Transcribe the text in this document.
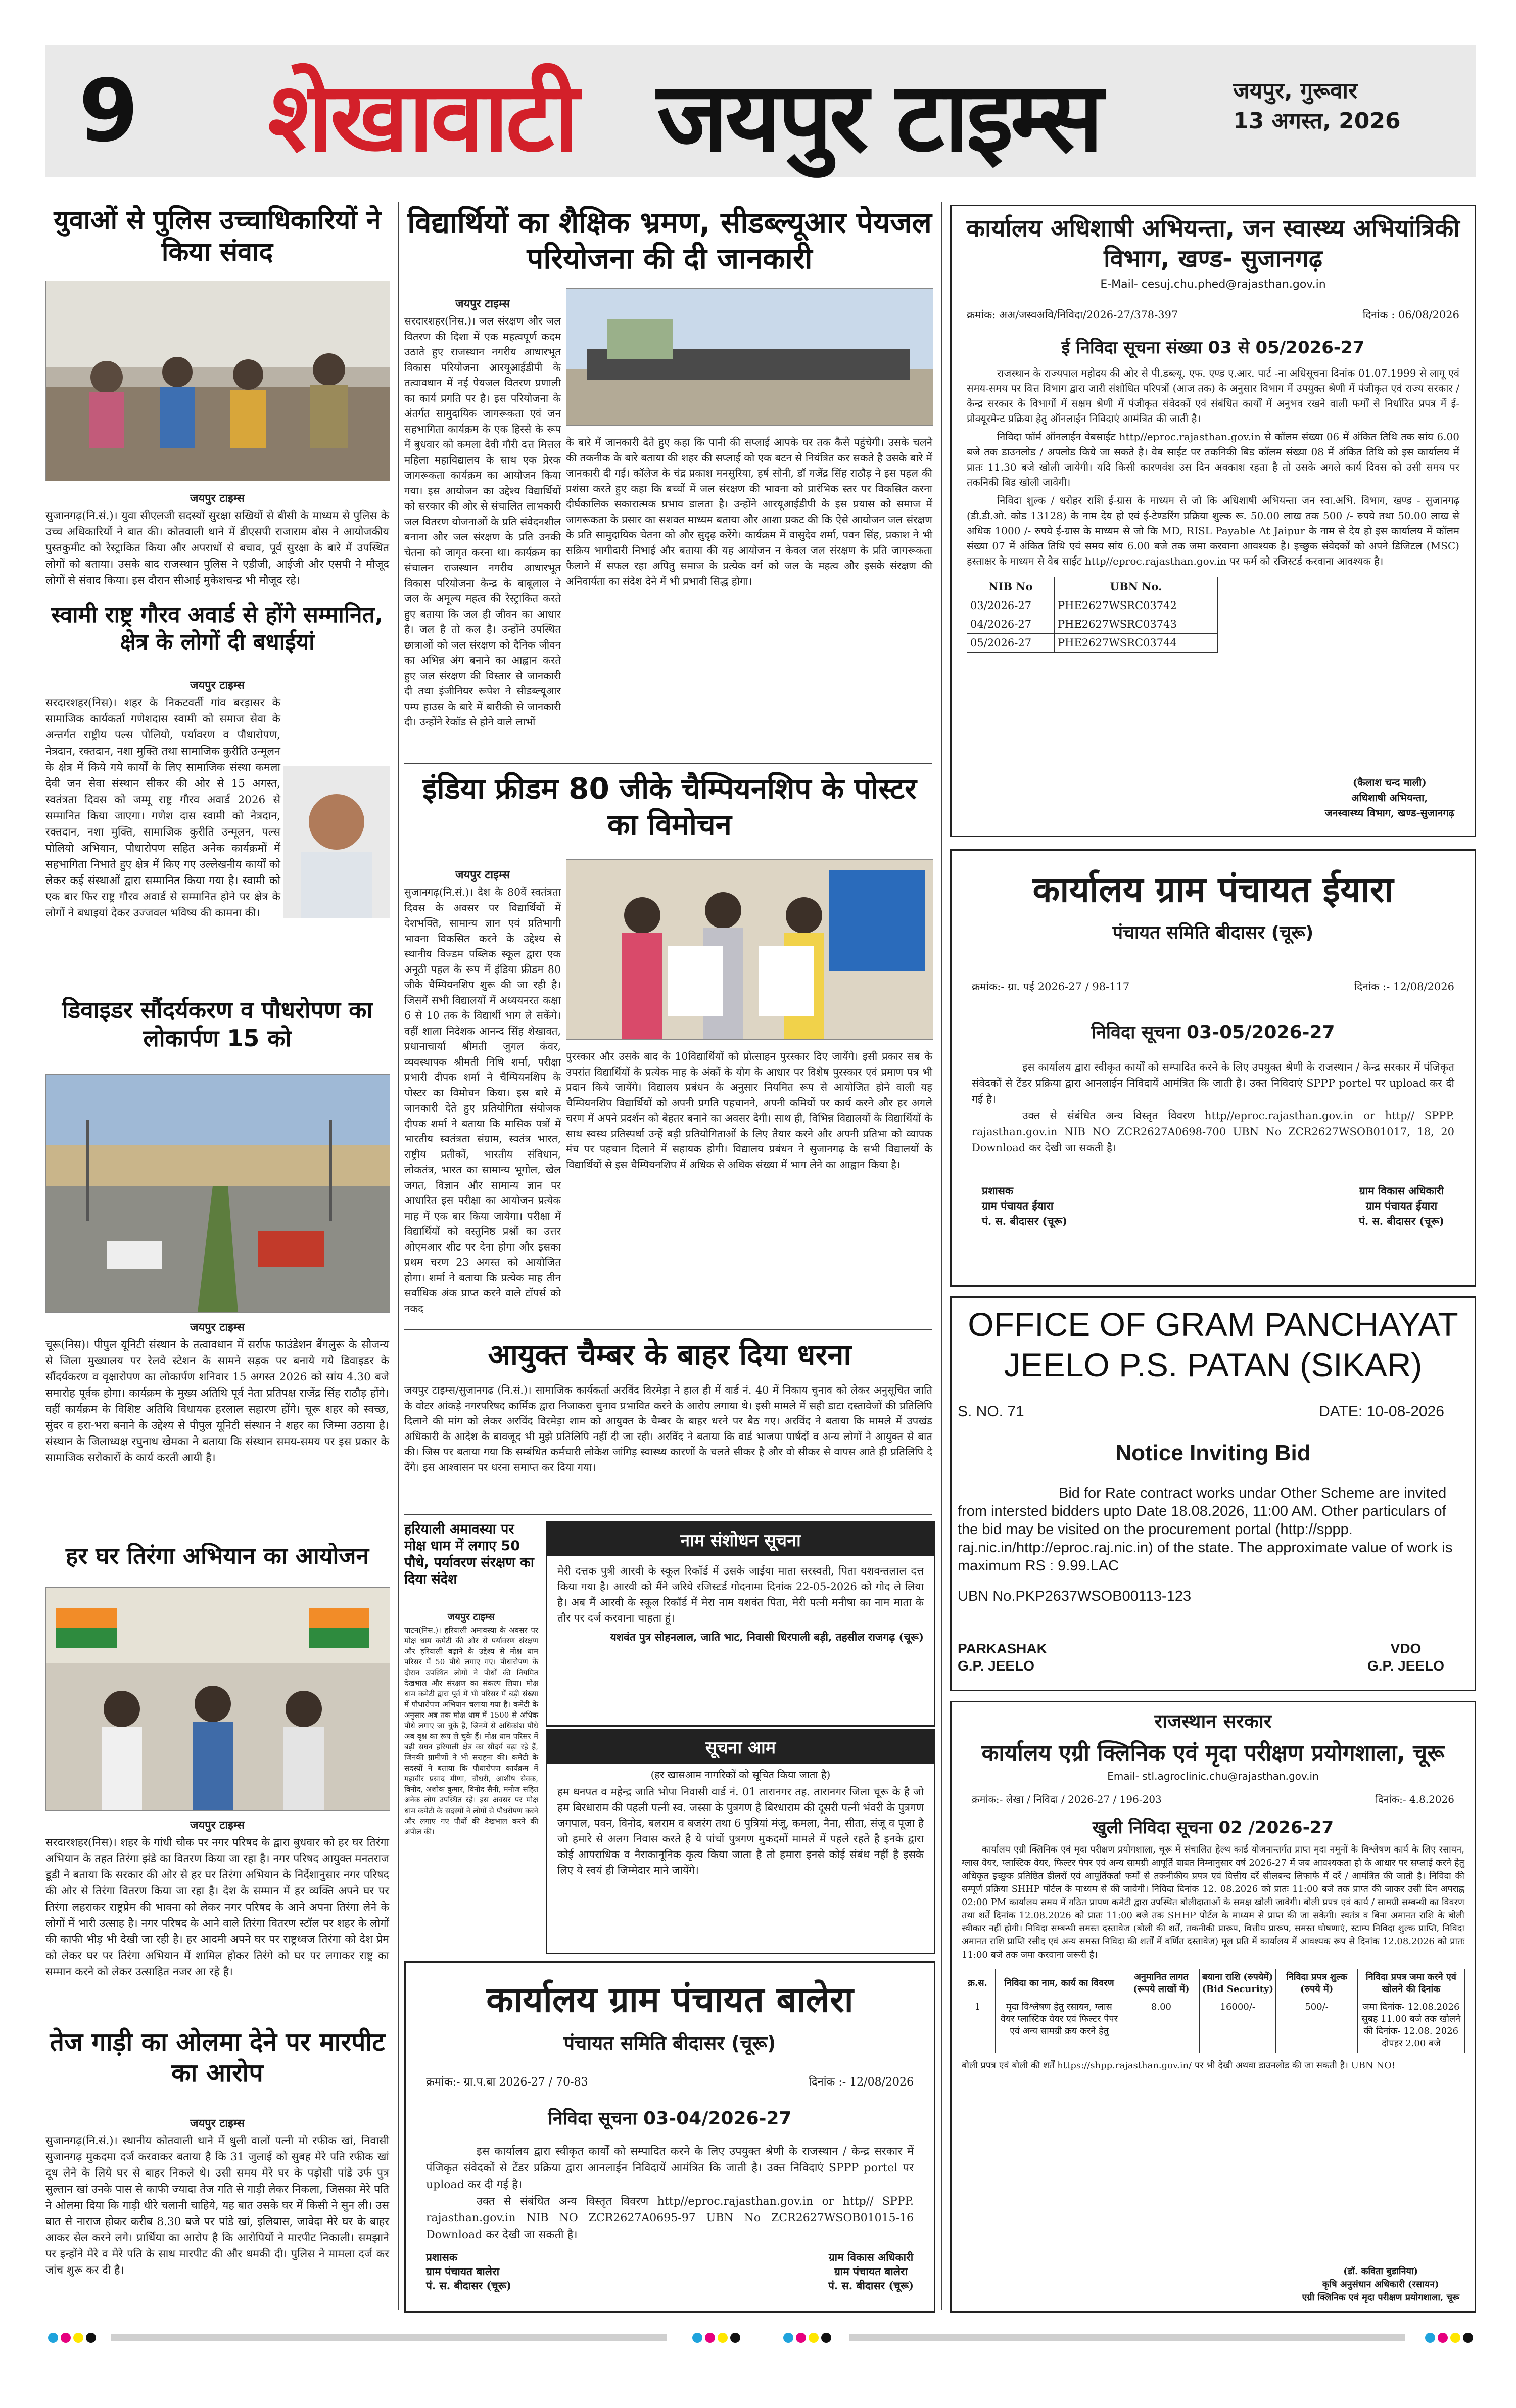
9	शेखावाटी जयपुर टाइम्स	जयपुर, गुरूवार
13 अगस्त, 2026
युवाओं से पुलिस उच्चाधिकारियों ने किया संवाद
जयपुर टाइम्स
सुजानगढ़(नि.सं.)। युवा सीएलजी सदस्यों सुरक्षा सखियों से बीसी के माध्यम से पुलिस के उच्च अधिकारियों ने बात की। कोतवाली थाने में डीएसपी राजाराम बोस ने आयोजकीय पुस्तकुमीट को रेस्ट्राकित किया और अपराधों से बचाव, पूर्व सुरक्षा के बारे में उपस्थित लोगों को बताया। उसके बाद राजस्थान पुलिस ने एडीजी, आईजी और एसपी ने मौजूद लोगों से संवाद किया। इस दौरान सीआई मुकेशचन्द्र भी मौजूद रहे।
स्वामी राष्ट्र गौरव अवार्ड से होंगे सम्मानित, क्षेत्र के लोगों दी बधाईयां
जयपुर टाइम्स
सरदारशहर(निस)। शहर के निकटवर्ती गांव बरड़ासर के सामाजिक कार्यकर्ता गणेशदास स्वामी को समाज सेवा के अन्तर्गत राष्ट्रीय पल्स पोलियो, पर्यावरण व पौधारोपण, नेत्रदान, रक्तदान, नशा मुक्ति तथा सामाजिक कुरीति उन्मूलन के क्षेत्र में किये गये कार्यों के लिए सामाजिक संस्था कमला देवी जन सेवा संस्थान सीकर की ओर से 15 अगस्त, स्वतंत्रता दिवस को जम्मू राष्ट्र गौरव अवार्ड 2026 से सम्मानित किया जाएगा। गणेश दास स्वामी को नेत्रदान, रक्तदान, नशा मुक्ति, सामाजिक कुरीति उन्मूलन, पल्स पोलियो अभियान, पौधारोपण सहित अनेक कार्यक्रमों में सहभागिता निभाते हुए क्षेत्र में किए गए उल्लेखनीय कार्यों को लेकर कई संस्थाओं द्वारा सम्मानित किया गया है। स्वामी को एक बार फिर राष्ट्र गौरव अवार्ड से सम्मानित होने पर क्षेत्र के लोगों ने बधाइयां देकर उज्जवल भविष्य की कामना की।
डिवाइडर सौंदर्यकरण व पौधरोपण का लोकार्पण 15 को
जयपुर टाइम्स
चूरू(निस)। पीपुल यूनिटी संस्थान के तत्वावधान में सर्राफ फाउंडेशन बैंगलुरू के सौजन्य से जिला मुख्यालय पर रेलवे स्टेशन के सामने सड़क पर बनाये गये डिवाइडर के सौंदर्यकरण व वृक्षारोपण का लोकार्पण शनिवार 15 अगस्त 2026 को सांय 4.30 बजे समारोह पूर्वक होगा। कार्यक्रम के मुख्य अतिथि पूर्व नेता प्रतिपक्ष राजेंद्र सिंह राठौड़ होंगे। वहीं कार्यक्रम के विशिष्ट अतिथि विधायक हरलाल सहारण होंगे। चूरू शहर को स्वच्छ, सुंदर व हरा-भरा बनाने के उद्देश्य से पीपुल यूनिटी संस्थान ने शहर का जिम्मा उठाया है। संस्थान के जिलाध्यक्ष रघुनाथ खेमका ने बताया कि संस्थान समय-समय पर इस प्रकार के सामाजिक सरोकारों के कार्य करती आयी है।
हर घर तिरंगा अभियान का आयोजन
जयपुर टाइम्स
सरदारशहर(निस)। शहर के गांधी चौक पर नगर परिषद के द्वारा बुधवार को हर घर तिरंगा अभियान के तहत तिरंगा झंडे का वितरण किया जा रहा है। नगर परिषद आयुक्त मनतराज डूडी ने बताया कि सरकार की ओर से हर घर तिरंगा अभियान के निर्देशानुसार नगर परिषद की ओर से तिरंगा वितरण किया जा रहा है। देश के सम्मान में हर व्यक्ति अपने घर पर तिरंगा लहराकर राष्ट्रप्रेम की भावना को लेकर नगर परिषद के आने अपना तिरंगा लेने के लोगों में भारी उत्साह है। नगर परिषद के आने वाले तिरंगा वितरण स्टॉल पर शहर के लोगों की काफी भीड़ भी देखी जा रही है। हर आदमी अपने घर पर राष्ट्रध्वज तिरंगा को देश प्रेम को लेकर घर पर तिरंगा अभियान में शामिल होकर तिरंगे को घर पर लगाकर राष्ट्र का सम्मान करने को लेकर उत्साहित नजर आ रहे है।
तेज गाड़ी का ओलमा देने पर मारपीट का आरोप
जयपुर टाइम्स
सुजानगढ़(नि.सं.)। स्थानीय कोतवाली थाने में धुली वालों पत्नी मो रफीक खां, निवासी सुजानगढ़ मुकदमा दर्ज करवाकर बताया है कि 31 जुलाई को सुबह मेरे पति रफीक खां दूध लेने के लिये घर से बाहर निकले थे। उसी समय मेरे घर के पड़ोसी पांडे उर्फ पुत्र सुल्तान खां उनके पास से काफी ज्यादा तेज गति से गाड़ी लेकर निकला, जिसका मेरे पति ने ओलमा दिया कि गाड़ी धीरे चलानी चाहिये, यह बात उसके घर में किसी ने सुन ली। उस बात से नाराज होकर करीब 8.30 बजे पर पांडे खां, इलियास, जावेदा मेरे घर के बाहर आकर सेल करने लगे। प्रार्थिया का आरोप है कि आरोपियों ने मारपीट निकाली। समझाने पर इन्होंने मेरे व मेरे पति के साथ मारपीट की और धमकी दी। पुलिस ने मामला दर्ज कर जांच शुरू कर दी है।
विद्यार्थियों का शैक्षिक भ्रमण, सीडब्ल्यूआर पेयजल परियोजना की दी जानकारी
जयपुर टाइम्स
सरदारशहर(निस.)। जल संरक्षण और जल वितरण की दिशा में एक महत्वपूर्ण कदम उठाते हुए राजस्थान नगरीय आधारभूत विकास परियोजना आरयूआईडीपी के तत्वावधान में नई पेयजल वितरण प्रणाली का कार्य प्रगति पर है। इस परियोजना के अंतर्गत सामुदायिक जागरूकता एवं जन सहभागिता कार्यक्रम के एक हिस्से के रूप में बुधवार को कमला देवी गौरी दत्त मित्तल महिला महाविद्यालय के साथ एक प्रेरक जागरूकता कार्यक्रम का आयोजन किया गया। इस आयोजन का उद्देश्य विद्यार्थियों को सरकार की ओर से संचालित लाभकारी जल वितरण योजनाओं के प्रति संवेदनशील बनाना और जल संरक्षण के प्रति उनकी चेतना को जागृत करना था। कार्यक्रम का संचालन राजस्थान नगरीय आधारभूत विकास परियोजना केन्द्र के बाबूलाल ने जल के अमूल्य महत्व की रेस्ट्राकित करते हुए बताया कि जल ही जीवन का आधार है। जल है तो कल है। उन्होंने उपस्थित छात्राओं को जल संरक्षण को दैनिक जीवन का अभिन्न अंग बनाने का आह्वान करते हुए जल संरक्षण की विस्तार से जानकारी दी तथा इंजीनियर रूपेश ने सीडब्ल्यूआर पम्प हाउस के बारे में बारीकी से जानकारी दी। उन्होंने रेकॉड से होने वाले लाभों
के बारे में जानकारी देते हुए कहा कि पानी की सप्लाई आपके घर तक कैसे पहुंचेगी। उसके चलने की तकनीक के बारे बताया की शहर की सप्लाई को एक बटन से नियंत्रित कर सकते है उसके बारे में जानकारी दी गई। कॉलेज के चंद्र प्रकाश मनसुरिया, हर्ष सोनी, डॉ गजेंद्र सिंह राठौड़ ने इस पहल की प्रशंसा करते हुए कहा कि बच्चों में जल संरक्षण की भावना को प्रारंभिक स्तर पर विकसित करना दीर्घकालिक सकारात्मक प्रभाव डालता है। उन्होंने आरयूआईडीपी के इस प्रयास को समाज में जागरूकता के प्रसार का सशक्त माध्यम बताया और आशा प्रकट की कि ऐसे आयोजन जल संरक्षण के प्रति सामुदायिक चेतना को और सुदृढ़ करेंगे। कार्यक्रम में वासुदेव शर्मा, पवन सिंह, प्रकाश ने भी सक्रिय भागीदारी निभाई और बताया की यह आयोजन न केवल जल संरक्षण के प्रति जागरूकता फैलाने में सफल रहा अपितु समाज के प्रत्येक वर्ग को जल के महत्व और इसके संरक्षण की अनिवार्यता का संदेश देने में भी प्रभावी सिद्ध होगा।
इंडिया फ्रीडम 80 जीके चैम्पियनशिप के पोस्टर का विमोचन
जयपुर टाइम्स
सुजानगढ़(नि.सं.)। देश के 80वें स्वतंत्रता दिवस के अवसर पर विद्यार्थियों में देशभक्ति, सामान्य ज्ञान एवं प्रतिभागी भावना विकसित करने के उद्देश्य से स्थानीय विज्डम पब्लिक स्कूल द्वारा एक अनूठी पहल के रूप में इंडिया फ्रीडम 80 जीके चैम्पियनशिप शुरू की जा रही है। जिसमें सभी विद्यालयों में अध्ययनरत कक्षा 6 से 10 तक के विद्यार्थी भाग ले सकेंगे। वहीं शाला निदेशक आनन्द सिंह शेखावत, प्रधानाचार्या श्रीमती जुगल कंवर, व्यवस्थापक श्रीमती निधि शर्मा, परीक्षा प्रभारी दीपक शर्मा ने चैम्पियनशिप के पोस्टर का विमोचन किया। इस बारे में जानकारी देते हुए प्रतियोगिता संयोजक दीपक शर्मा ने बताया कि मासिक पत्रों में भारतीय स्वतंत्रता संग्राम, स्वतंत्र भारत, राष्ट्रीय प्रतीकों, भारतीय संविधान, लोकतंत्र, भारत का सामान्य भूगोल, खेल जगत, विज्ञान और सामान्य ज्ञान पर आधारित इस परीक्षा का आयोजन प्रत्येक माह में एक बार किया जायेगा। परीक्षा में विद्यार्थियों को वस्तुनिष्ठ प्रश्नों का उत्तर ओएमआर शीट पर देना होगा और इसका प्रथम चरण 23 अगस्त को आयोजित होगा। शर्मा ने बताया कि प्रत्येक माह तीन सर्वाधिक अंक प्राप्त करने वाले टॉपर्स को नकद
पुरस्कार और उसके बाद के 10विद्यार्थियों को प्रोत्साहन पुरस्कार दिए जायेंगे। इसी प्रकार सब के उपरांत विद्यार्थियों के प्रत्येक माह के अंकों के योग के आधार पर विशेष पुरस्कार एवं प्रमाण पत्र भी प्रदान किये जायेंगे। विद्यालय प्रबंधन के अनुसार नियमित रूप से आयोजित होने वाली यह चैम्पियनशिप विद्यार्थियों को अपनी प्रगति पहचानने, अपनी कमियों पर कार्य करने और हर अगले चरण में अपने प्रदर्शन को बेहतर बनाने का अवसर देगी। साथ ही, विभिन्न विद्यालयों के विद्यार्थियों के साथ स्वस्थ प्रतिस्पर्धा उन्हें बड़ी प्रतियोगिताओं के लिए तैयार करने और अपनी प्रतिभा को व्यापक मंच पर पहचान दिलाने में सहायक होगी। विद्यालय प्रबंधन ने सुजानगढ़ के सभी विद्यालयों के विद्यार्थियों से इस चैम्पियनशिप में अधिक से अधिक संख्या में भाग लेने का आह्वान किया है।
आयुक्त चैम्बर के बाहर दिया धरना
जयपुर टाइम्स/सुजानगढ (नि.सं.)। सामाजिक कार्यकर्ता अरविंद विरमेड़ा ने हाल ही में वार्ड नं. 40 में निकाय चुनाव को लेकर अनुसूचित जाति के वोटर आंकड़े नगरपरिषद कार्मिक द्वारा निजाकरा चुनाव प्रभावित करने के आरोप लगाया थे। इसी मामले में सही डाटा दस्तावेजों की प्रतिलिपि दिलाने की मांग को लेकर अरविंद विरमेड़ा शाम को आयुक्त के चैम्बर के बाहर धरने पर बैठ गए। अरविंद ने बताया कि मामले में उपखंड अधिकारी के आदेश के बावजूद भी मुझे प्रतिलिपि नहीं दी जा रही। अरविंद ने बताया कि वार्ड भाजपा पार्षदों व अन्य लोगों ने आयुक्त से बात की। जिस पर बताया गया कि सम्बंधित कर्मचारी लोकेश जांगिड़ स्वास्थ्य कारणों के चलते सीकर है और वो सीकर से वापस आते ही प्रतिलिपि दे देंगे। इस आश्वासन पर धरना समाप्त कर दिया गया।
हरियाली अमावस्या पर मोक्ष धाम में लगाए 50 पौधे, पर्यावरण संरक्षण का दिया संदेश
जयपुर टाइम्स
पाटन(निस.)। हरियाली अमावस्या के अवसर पर मोक्ष धाम कमेटी की ओर से पर्यावरण संरक्षण और हरियाली बढ़ाने के उद्देश्य से मोक्ष धाम परिसर में 50 पौधे लगाए गए। पौधारोपण के दौरान उपस्थित लोगों ने पौधों की नियमित देखभाल और संरक्षण का संकल्प लिया। मोक्ष धाम कमेटी द्वारा पूर्व में भी परिसर में बड़ी संख्या में पौधारोपण अभियान चलाया गया है। कमेटी के अनुसार अब तक मोक्ष धाम में 1500 से अधिक पौधे लगाए जा चुके हैं, जिनमें से अधिकांश पौधे अब वृक्ष का रूप ले चुके हैं। मोक्ष धाम परिसर में बढ़ी सघन हरियाली क्षेत्र का सौंदर्य बढ़ा रहे हैं, जिनकी ग्रामीणों ने भी सराहना की। कमेटी के सदस्यों ने बताया कि पौधारोपण कार्यक्रम में महावीर प्रसाद मीणा, चौधरी, आशीष सेवक, विनोद, अशोक कुमार, विनोद सैनी, मनोज सहित अनेक लोग उपस्थित रहे। इस अवसर पर मोक्ष धाम कमेटी के सदस्यों ने लोगों से पौधरोपण करने और लगाए गए पौधों की देखभाल करने की अपील की।
नाम संशोधन सूचना
मेरी दत्तक पुत्री आरवी के स्कूल रिकॉर्ड में उसके जाईया माता सरस्वती, पिता यशवन्तलाल दत्त किया गया है। आरवी को मैंने जरिये रजिस्टर्ड गोदनामा दिनांक 22-05-2026 को गोद ले लिया है। अब मैं आरवी के स्कूल रिकॉर्ड में मेरा नाम यशवंत पिता, मेरी पत्नी मनीषा का नाम माता के तौर पर दर्ज करवाना चाहता हूं।
यशवंत पुत्र सोहनलाल, जाति भाट, निवासी धिरपाली बड़ी, तहसील राजगढ़ (चूरू)
सूचना आम
(हर खासआम नागरिकों को सूचित किया जाता है)
हम धनपत व महेन्द्र जाति भोपा निवासी वार्ड नं. 01 तारानगर तह. तारानगर जिला चूरू के है जो हम बिरधाराम की पहली पत्नी स्व. जस्सा के पुत्रगण है बिरधाराम की दूसरी पत्नी भंवरी के पुत्रगण जगपाल, पवन, विनोद, बलराम व बजरंग तथा 6 पुत्रियां मंजू, कमला, नैना, सीता, संजू व पूजा है जो हमारे से अलग निवास करते है ये पांचों पुत्रगण मुकदमों मामले में पहले रहते है इनके द्वारा कोई आपराधिक व नैराकानूनिक कृत्य किया जाता है तो हमारा इनसे कोई संबंध नहीं है इसके लिए ये स्वयं ही जिम्मेदार माने जायेंगे।
कार्यालय ग्राम पंचायत बालेरा
पंचायत समिति बीदासर (चूरू)
क्रमांक:- ग्रा.प.बा 2026-27 / 70-83	दिनांक :- 12/08/2026
निविदा सूचना 03-04/2026-27
इस कार्यालय द्वारा स्वीकृत कार्यों को सम्पादित करने के लिए उपयुक्त श्रेणी के राजस्थान / केन्द्र सरकार में पंजिकृत संवेदकों से टेंडर प्रक्रिया द्वारा आनलाईन निविदायें आमंत्रित कि जाती है। उक्त निविदाएं SPPP portel पर upload कर दी गई है।
उक्त से संबंधित अन्य विस्तृत विवरण http//eproc.rajasthan.gov.in or http// SPPP. rajasthan.gov.in NIB NO ZCR2627A0695-97 UBN No ZCR2627WSOB01015-16 Download कर देखी जा सकती है।
प्रशासक
ग्राम पंचायत बालेरा
पं. स. बीदासर (चूरू)
ग्राम विकास अधिकारी
ग्राम पंचायत बालेरा
पं. स. बीदासर (चूरू)
कार्यालय अधिशाषी अभियन्ता, जन स्वास्थ्य अभियांत्रिकी विभाग, खण्ड- सुजानगढ़
E-Mail- cesuj.chu.phed@rajasthan.gov.in
क्रमांक: अअ/जस्वअवि/निविदा/2026-27/378-397	दिनांक : 06/08/2026
ई निविदा सूचना संख्या 03 से 05/2026-27
राजस्थान के राज्यपाल महोदय की ओर से पी.डब्ल्यू. एफ. एण्ड ए.आर. पार्ट -ना अधिसूचना दिनांक 01.07.1999 से लागू एवं समय-समय पर वित्त विभाग द्वारा जारी संशोधित परिपत्रों (आज तक) के अनुसार विभाग में उपयुक्त श्रेणी में पंजीकृत एवं राज्य सरकार / केन्द्र सरकार के विभागों में सक्षम श्रेणी में पंजीकृत संवेदकों एवं संबंधित कार्यों में अनुभव रखने वाली फर्मों से निर्धारित प्रपत्र में ई-प्रोक्यूरमेन्ट प्रक्रिया हेतु ऑनलाईन निविदाएं आमंत्रित की जाती है।
निविदा फॉर्म ऑनलाईन वेबसाईट http//eproc.rajasthan.gov.in से कॉलम संख्या 06 में अंकित तिथि तक सांय 6.00 बजे तक डाउनलोड / अपलोड किये जा सकते है। वेब साईट पर तकनिकी बिड कॉलम संख्या 08 में अंकित तिथि को इस कार्यालय में प्रातः 11.30 बजे खोली जायेगी। यदि किसी कारणवंश उस दिन अवकाश रहता है तो उसके अगले कार्य दिवस को उसी समय पर तकनिकी बिड खोली जावेगी।
निविदा शुल्क / धरोहर राशि ई-ग्रास के माध्यम से जो कि अधिशाषी अभियन्ता जन स्वा.अभि. विभाग, खण्ड - सुजानगढ़ (डी.डी.ओ. कोड 13128) के नाम देय हो एवं ई-टेण्डरिंग प्रक्रिया शुल्क रू. 50.00 लाख तक 500 /- रुपये तथा 50.00 लाख से अधिक 1000 /- रुपये ई-ग्रास के माध्यम से जो कि MD, RISL Payable At Jaipur के नाम से देय हो इस कार्यालय में कॉलम संख्या 07 में अंकित तिथि एवं समय सांय 6.00 बजे तक जमा करवाना आवश्यक है। इच्छुक संवेदकों को अपने डिजिटल (MSC) हस्ताक्षर के माध्यम से वेब साईट http//eproc.rajasthan.gov.in पर फर्म को रजिस्टर्ड करवाना आवश्यक है।
NIB No	UBN No.
03/2026-27	PHE2627WSRC03742
04/2026-27	PHE2627WSRC03743
05/2026-27	PHE2627WSRC03744
(कैलाश चन्द माली)
अधिशाषी अभियन्ता,
जनस्वास्थ्य विभाग, खण्ड-सुजानगढ़
कार्यालय ग्राम पंचायत ईयारा
पंचायत समिति बीदासर (चूरू)
क्रमांक:- ग्रा. पई 2026-27 / 98-117	दिनांक :- 12/08/2026
निविदा सूचना 03-05/2026-27
इस कार्यालय द्वारा स्वीकृत कार्यों को सम्पादित करने के लिए उपयुक्त श्रेणी के राजस्थान / केन्द्र सरकार में पंजिकृत संवेदकों से टेंडर प्रक्रिया द्वारा आनलाईन निविदायें आमंत्रित कि जाती है। उक्त निविदाएं SPPP portel पर upload कर दी गई है।
उक्त से संबंधित अन्य विस्तृत विवरण http//eproc.rajasthan.gov.in or http// SPPP. rajasthan.gov.in NIB NO ZCR2627A0698-700 UBN No ZCR2627WSOB01017, 18, 20 Download कर देखी जा सकती है।
प्रशासक
ग्राम पंचायत ईयारा
पं. स. बीदासर (चूरू)
ग्राम विकास अधिकारी
ग्राम पंचायत ईयारा
पं. स. बीदासर (चूरू)
OFFICE OF GRAM PANCHAYAT
JEELO P.S. PATAN (SIKAR)
S. NO. 71	DATE: 10-08-2026
Notice Inviting Bid
Bid for Rate contract works undar Other Scheme are invited from intersted bidders upto Date 18.08.2026, 11:00 AM. Other particulars of the bid may be visited on the procurement portal (http://sppp. raj.nic.in/http://eproc.raj.nic.in) of the state. The approximate value of work is maximum RS : 9.99.LAC
UBN No.PKP2637WSOB00113-123
PARKASHAK
G.P. JEELO
VDO
G.P. JEELO
राजस्थान सरकार
कार्यालय एग्री क्लिनिक एवं मृदा परीक्षण प्रयोगशाला, चूरू
Email- stl.agroclinic.chu@rajasthan.gov.in
क्रमांक:- लेखा / निविदा / 2026-27 / 196-203	दिनांक:- 4.8.2026
खुली निविदा सूचना 02 /2026-27
कार्यालय एग्री क्लिनिक एवं मृदा परीक्षण प्रयोगशाला, चूरू में संचालित हेल्थ कार्ड योजनान्तर्गत प्राप्त मृदा नमूनों के विश्लेषण कार्य के लिए रसायन, ग्लास वेयर, प्लास्टिक वेयर, फिल्टर पेपर एवं अन्य सामग्री आपूर्ति बाबत निम्नानुसार वर्ष 2026-27 में जब आवश्यकता हो के आधार पर सप्लाई करने हेतु अधिकृत इच्छुक प्रतिष्ठित डीलरों एवं आपूर्तिकर्ता फर्मों से तकनीकीय प्रपत्र एवं वित्तीय दरें सीलबन्द लिफाफे में दरें / आमंत्रित की जाती है। निविदा की सम्पूर्ण प्रक्रिया SHHP पोर्टल के माध्यम से की जावेगी। निविदा दिनांक 12. 08.2026 को प्रातः 11:00 बजे तक प्राप्त की जाकर उसी दिन अपराह्न 02:00 PM कार्यालय समय में गठित प्रापण कमेटी द्वारा उपस्थित बोलीदाताओं के समक्ष खोली जावेगी। बोली प्रपत्र एवं कार्य / सामग्री सम्बन्धी का विवरण तथा शर्ते दिनांक 12.08.2026 को प्रातः 11:00 बजे तक SHHP पोर्टल के माध्यम से प्राप्त की जा सकेगी। स्वतंत्र व बिना अमानत राशि के बोली स्वीकार नहीं होगी। निविदा सम्बन्धी समस्त दस्तावेज (बोली की शर्तें, तकनीकी प्रारूप, वित्तीय प्रारूप, समस्त घोषणाएं, स्टाम्प निविदा शुल्क प्राप्ति, निविदा अमानत राशि प्राप्ति रसीद एवं अन्य समस्त निविदा की शर्तों में वर्णित दस्तावेज) मूल प्रति में कार्यालय में आवश्यक रूप से दिनांक 12.08.2026 को प्रातः 11:00 बजे तक जमा करवाना जरूरी है।
क्र.स.	निविदा का नाम, कार्य का विवरण	अनुमानित लागत (रूपये लाखों में)	बयाना राशि (रुपयेमें) (Bid Security)	निविदा प्रपत्र शुल्क (रुपये में)	निविदा प्रपत्र जमा करने एवं खोलने की दिनांक
1	मृदा विश्लेषण हेतु रसायन, ग्लास वेयर प्लास्टिक वेयर एवं फिल्टर पेपर एवं अन्य सामग्री क्रय करने हेतु	8.00	16000/-	500/-	जमा दिनांक- 12.08.2026 सुबह 11.00 बजे तक खोलने की दिनांक- 12.08. 2026 दोपहर 2.00 बजे
बोली प्रपत्र एवं बोली की शर्तें https://shpp.rajasthan.gov.in/ पर भी देखी अथवा डाउनलोड की जा सकती है। UBN NO!
(डॉ. कविता बुडानिया)
कृषि अनुसंधान अधिकारी (रसायन)
एग्री क्लिनिक एवं मृदा परीक्षण प्रयोगशाला, चूरू
